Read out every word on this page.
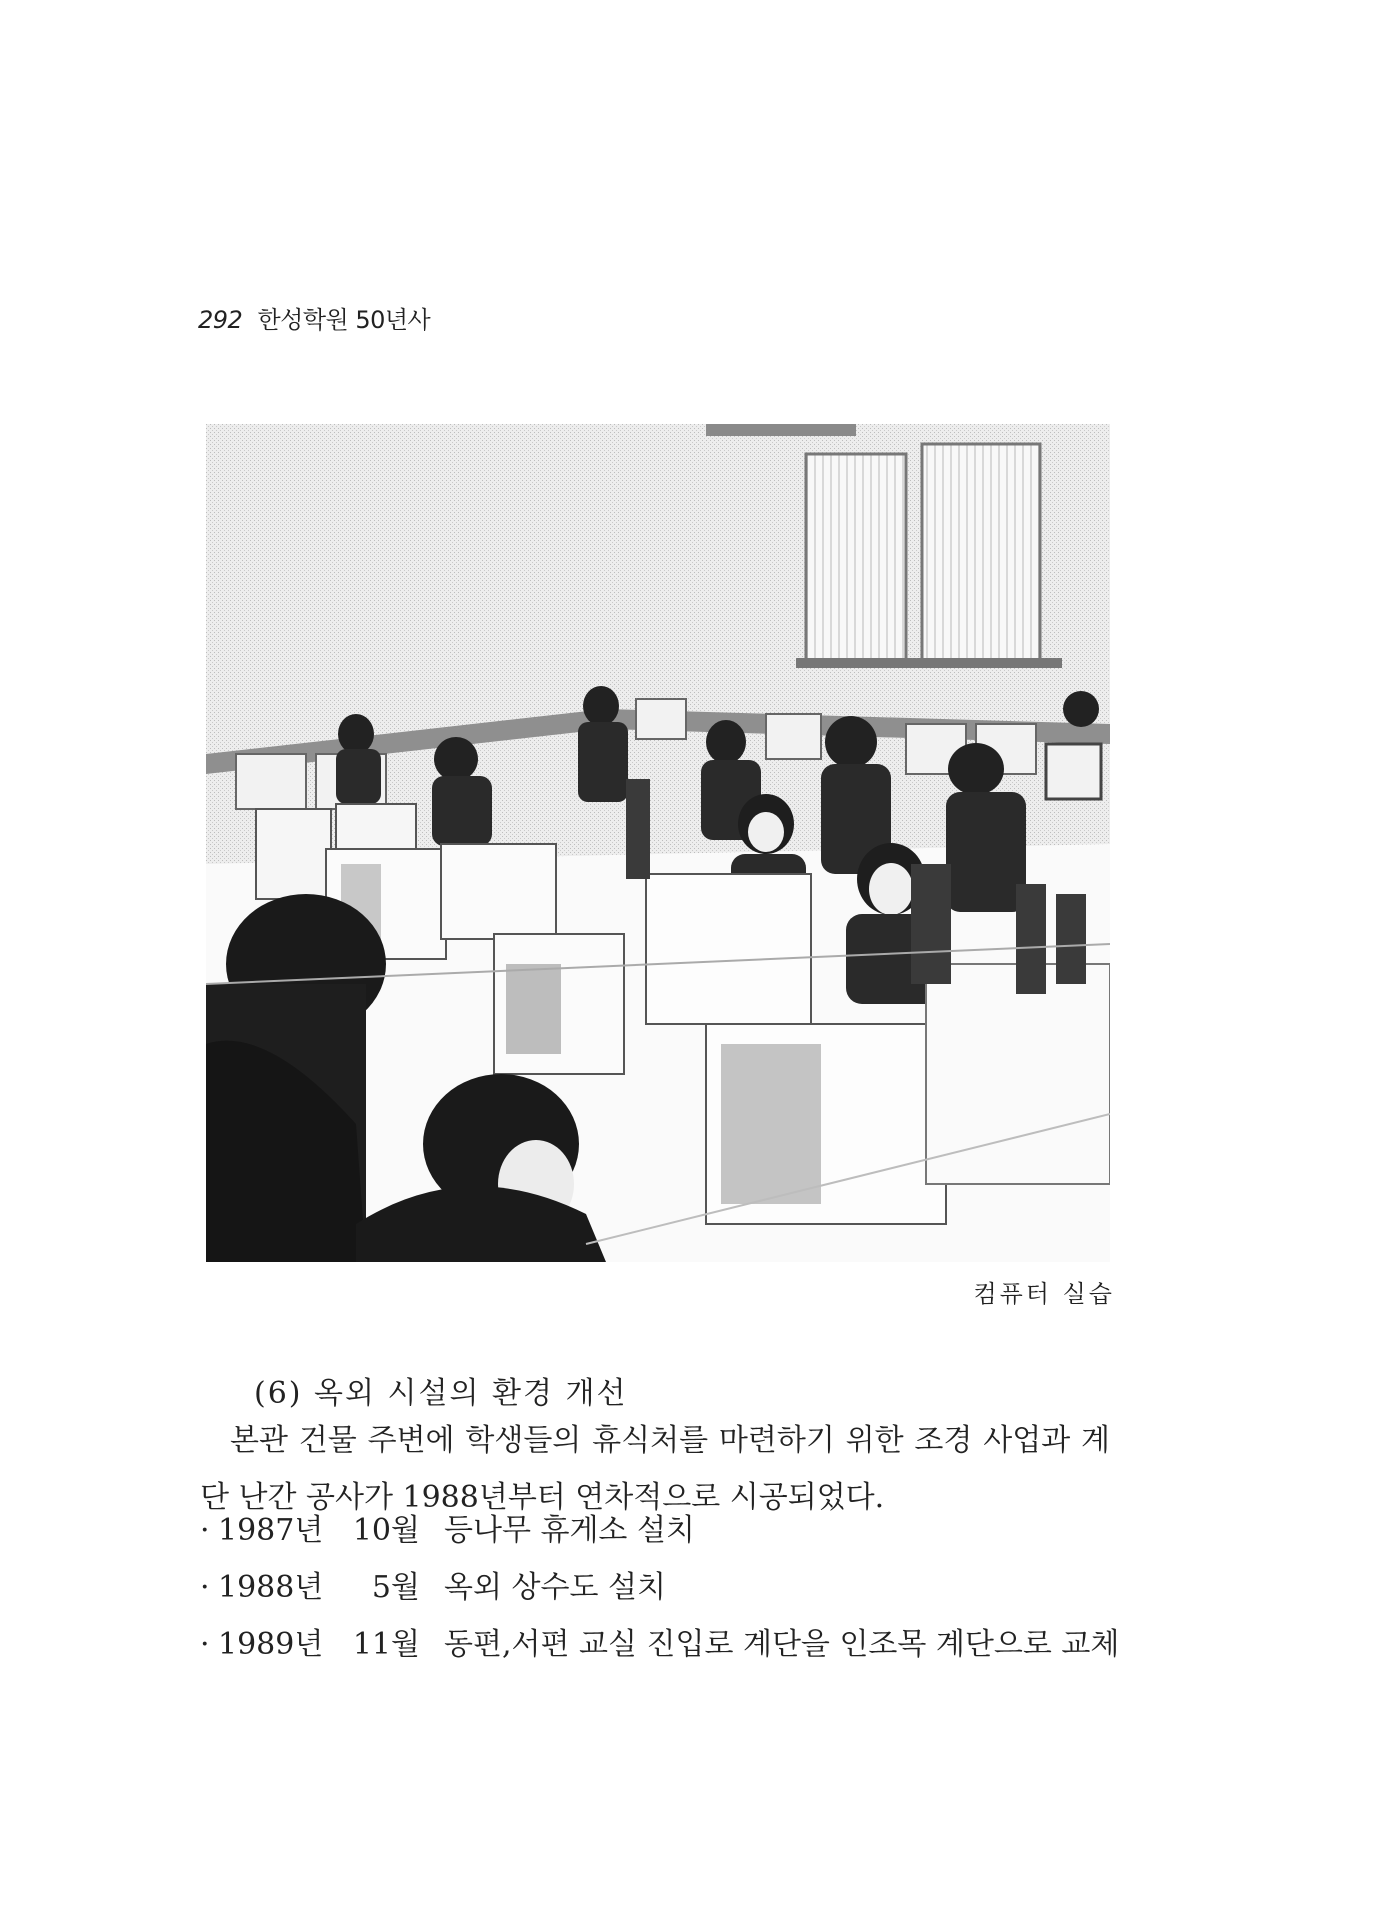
292 한성학원 50년사
컴퓨터 실습
(6) 옥외 시설의 환경 개선
본관 건물 주변에 학생들의 휴식처를 마련하기 위한 조경 사업과 계단 난간 공사가 1988년부터 연차적으로 시공되었다.
· 1987년 10월 등나무 휴게소 설치
· 1988년 5월 옥외 상수도 설치
· 1989년 11월 동편,서편 교실 진입로 계단을 인조목 계단으로 교체
